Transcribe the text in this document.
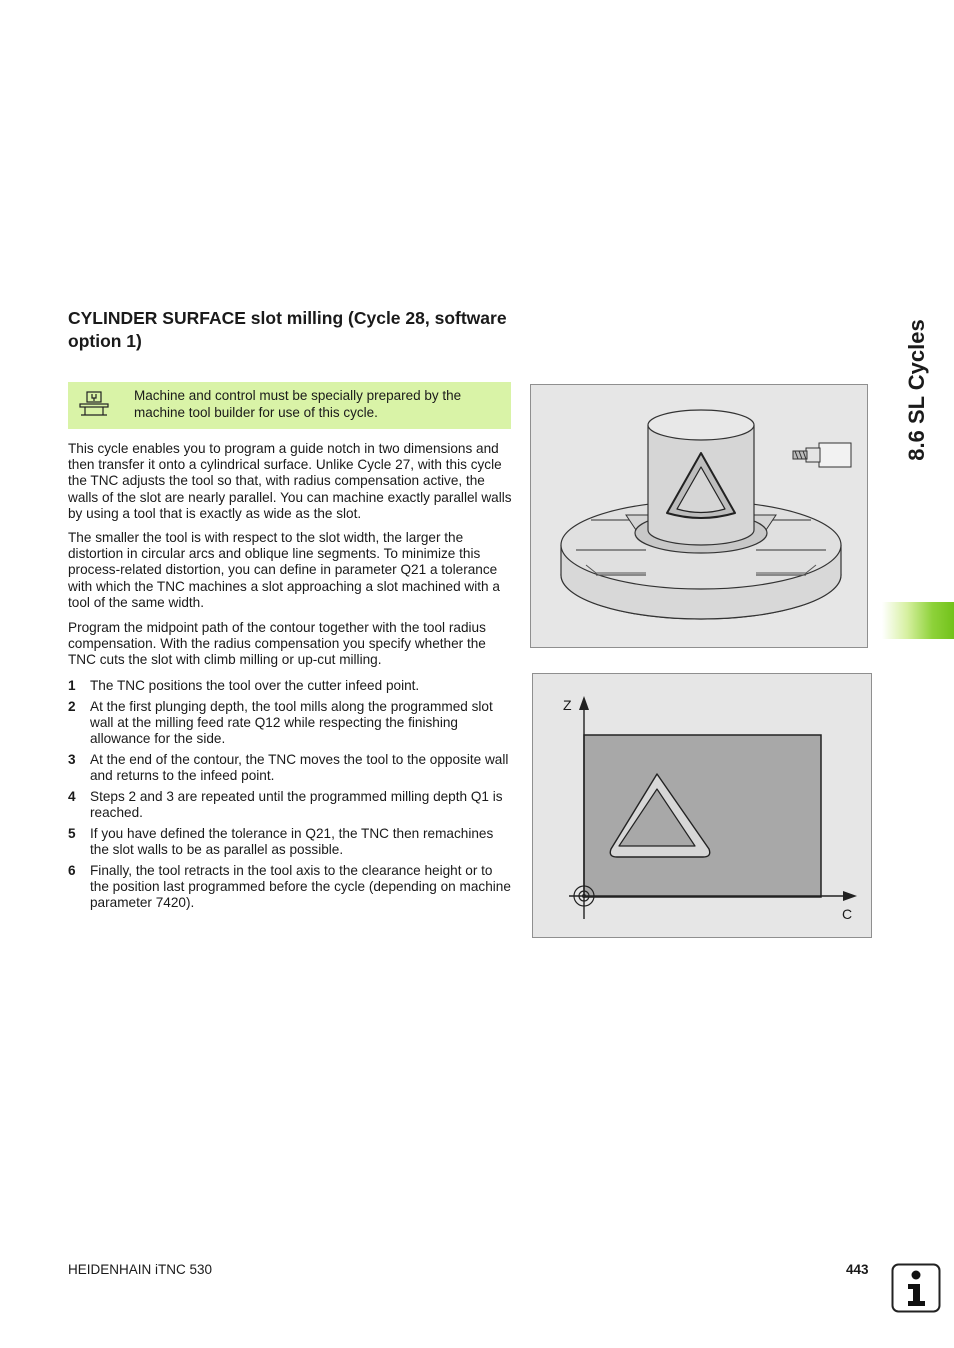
CYLINDER SURFACE slot milling (Cycle 28, software option 1)
Machine and control must be specially prepared by the machine tool builder for use of this cycle.

This cycle enables you to program a guide notch in two dimensions and then transfer it onto a cylindrical surface. Unlike Cycle 27, with this cycle the TNC adjusts the tool so that, with radius compensation active, the walls of the slot are nearly parallel. You can machine exactly parallel walls by using a tool that is exactly as wide as the slot.

The smaller the tool is with respect to the slot width, the larger the distortion in circular arcs and oblique line segments. To minimize this process-related distortion, you can define in parameter Q21 a tolerance with which the TNC machines a slot approaching a slot machined with a tool of the same width.

Program the midpoint path of the contour together with the tool radius compensation. With the radius compensation you specify whether the TNC cuts the slot with climb milling or up-cut milling.

1 The TNC positions the tool over the cutter infeed point.
2 At the first plunging depth, the tool mills along the programmed slot wall at the milling feed rate Q12 while respecting the finishing allowance for the side.
3 At the end of the contour, the TNC moves the tool to the opposite wall and returns to the infeed point.
4 Steps 2 and 3 are repeated until the programmed milling depth Q1 is reached.
5 If you have defined the tolerance in Q21, the TNC then remachines the slot walls to be as parallel as possible.
6 Finally, the tool retracts in the tool axis to the clearance height or to the position last programmed before the cycle (depending on machine parameter 7420).
Z
C
8.6 SL Cycles
HEIDENHAIN iTNC 530	443
